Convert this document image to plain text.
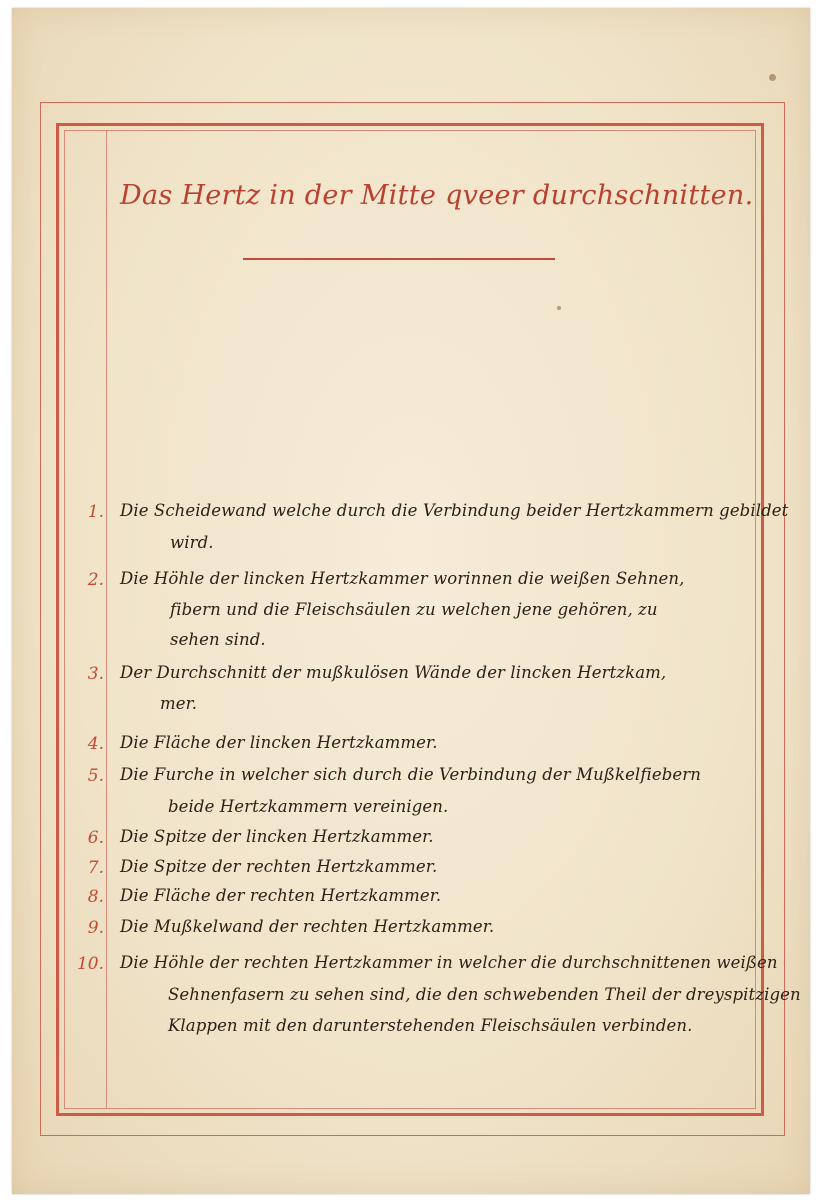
Das Hertz in der Mitte qveer durchschnitten.
1. Die Scheidewand welche durch die Verbindung beider Hertzkammern gebildet
wird.
2. Die Höhle der lincken Hertzkammer worinnen die weißen Sehnen,
fibern und die Fleischsäulen zu welchen jene gehören, zu
sehen sind.
3. Der Durchschnitt der mußkulösen Wände der lincken Hertzkam,
mer.
4. Die Fläche der lincken Hertzkammer.
5. Die Furche in welcher sich durch die Verbindung der Mußkelfiebern
beide Hertzkammern vereinigen.
6. Die Spitze der lincken Hertzkammer.
7. Die Spitze der rechten Hertzkammer.
8. Die Fläche der rechten Hertzkammer.
9. Die Mußkelwand der rechten Hertzkammer.
10. Die Höhle der rechten Hertzkammer in welcher die durchschnittenen weißen
Sehnenfasern zu sehen sind, die den schwebenden Theil der dreyspitzigen
Klappen mit den darunterstehenden Fleischsäulen verbinden.
